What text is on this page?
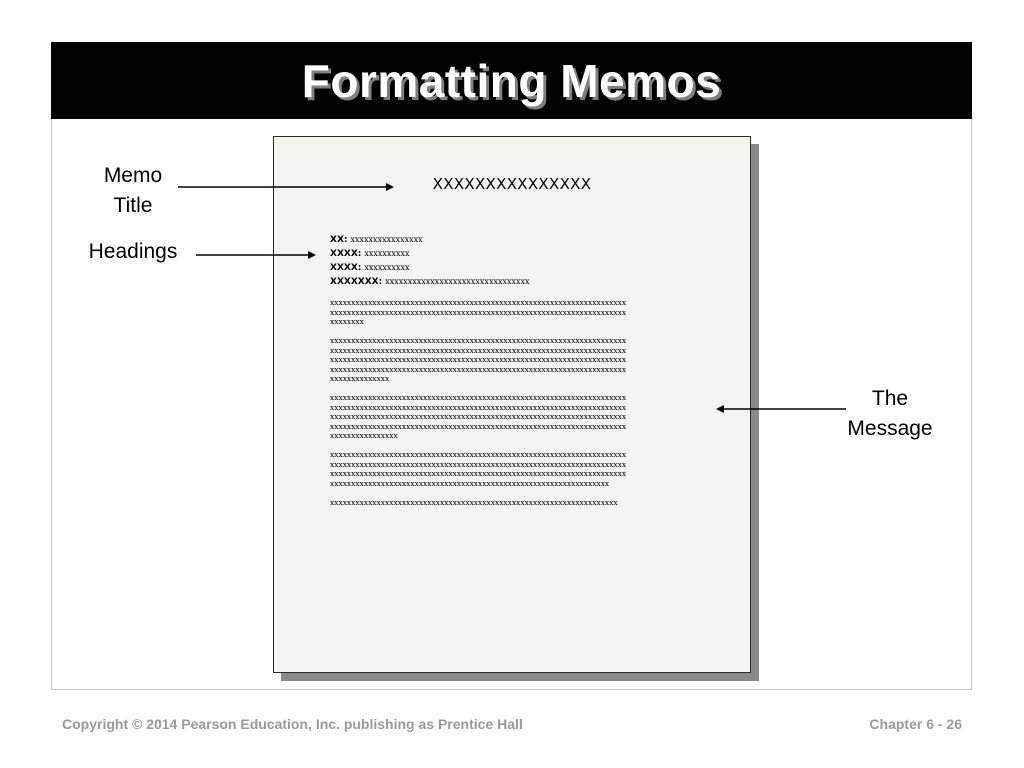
Formatting Memos
XXXXXXXXXXXXXXX
XX: xxxxxxxxxxxxxxxx
XXXX: xxxxxxxxxx
XXXX: xxxxxxxxxx
XXXXXXX: xxxxxxxxxxxxxxxxxxxxxxxxxxxxxxxx
xxxxxxxxxxxxxxxxxxxxxxxxxxxxxxxxxxxxxxxxxxxxxxxxxxxxxxxxxxxxxxxxxxxxxx
xxxxxxxxxxxxxxxxxxxxxxxxxxxxxxxxxxxxxxxxxxxxxxxxxxxxxxxxxxxxxxxxxxxxxx
xxxxxxxx
xxxxxxxxxxxxxxxxxxxxxxxxxxxxxxxxxxxxxxxxxxxxxxxxxxxxxxxxxxxxxxxxxxxxxx
xxxxxxxxxxxxxxxxxxxxxxxxxxxxxxxxxxxxxxxxxxxxxxxxxxxxxxxxxxxxxxxxxxxxxx
xxxxxxxxxxxxxxxxxxxxxxxxxxxxxxxxxxxxxxxxxxxxxxxxxxxxxxxxxxxxxxxxxxxxxx
xxxxxxxxxxxxxxxxxxxxxxxxxxxxxxxxxxxxxxxxxxxxxxxxxxxxxxxxxxxxxxxxxxxxxx
xxxxxxxxxxxxxx
xxxxxxxxxxxxxxxxxxxxxxxxxxxxxxxxxxxxxxxxxxxxxxxxxxxxxxxxxxxxxxxxxxxxxx
xxxxxxxxxxxxxxxxxxxxxxxxxxxxxxxxxxxxxxxxxxxxxxxxxxxxxxxxxxxxxxxxxxxxxx
xxxxxxxxxxxxxxxxxxxxxxxxxxxxxxxxxxxxxxxxxxxxxxxxxxxxxxxxxxxxxxxxxxxxxx
xxxxxxxxxxxxxxxxxxxxxxxxxxxxxxxxxxxxxxxxxxxxxxxxxxxxxxxxxxxxxxxxxxxxxx
xxxxxxxxxxxxxxxx
xxxxxxxxxxxxxxxxxxxxxxxxxxxxxxxxxxxxxxxxxxxxxxxxxxxxxxxxxxxxxxxxxxxxxx
xxxxxxxxxxxxxxxxxxxxxxxxxxxxxxxxxxxxxxxxxxxxxxxxxxxxxxxxxxxxxxxxxxxxxx
xxxxxxxxxxxxxxxxxxxxxxxxxxxxxxxxxxxxxxxxxxxxxxxxxxxxxxxxxxxxxxxxxxxxxx
xxxxxxxxxxxxxxxxxxxxxxxxxxxxxxxxxxxxxxxxxxxxxxxxxxxxxxxxxxxxxxxxxx
xxxxxxxxxxxxxxxxxxxxxxxxxxxxxxxxxxxxxxxxxxxxxxxxxxxxxxxxxxxxxxxxxxxx
Memo Title
Headings
The Message
Copyright © 2014 Pearson Education, Inc. publishing as Prentice Hall	Chapter 6 - 26
